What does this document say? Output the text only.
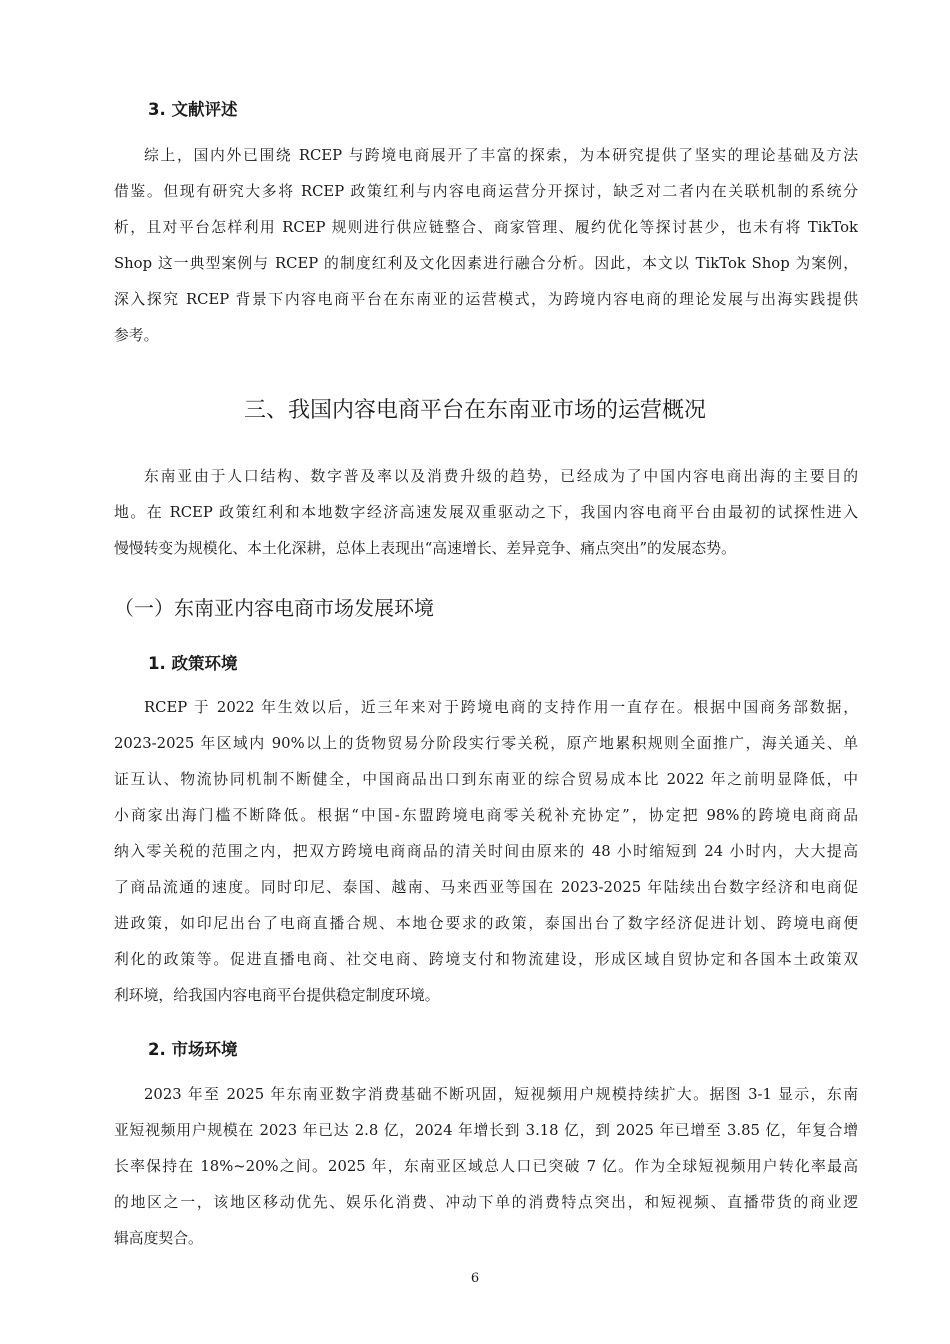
3. 文献评述
综上，国内外已围绕 RCEP 与跨境电商展开了丰富的探索，为本研究提供了坚实的理论基础及方法
借鉴。但现有研究大多将 RCEP 政策红利与内容电商运营分开探讨，缺乏对二者内在关联机制的系统分
析，且对平台怎样利用 RCEP 规则进行供应链整合、商家管理、履约优化等探讨甚少，也未有将 TikTok
Shop 这一典型案例与 RCEP 的制度红利及文化因素进行融合分析。因此，本文以 TikTok Shop 为案例，
深入探究 RCEP 背景下内容电商平台在东南亚的运营模式，为跨境内容电商的理论发展与出海实践提供
参考。
三、我国内容电商平台在东南亚市场的运营概况
东南亚由于人口结构、数字普及率以及消费升级的趋势，已经成为了中国内容电商出海的主要目的
地。在 RCEP 政策红利和本地数字经济高速发展双重驱动之下，我国内容电商平台由最初的试探性进入
慢慢转变为规模化、本土化深耕，总体上表现出“高速增长、差异竞争、痛点突出”的发展态势。
（一）东南亚内容电商市场发展环境
1. 政策环境
RCEP 于 2022 年生效以后，近三年来对于跨境电商的支持作用一直存在。根据中国商务部数据，
2023-2025 年区域内 90%以上的货物贸易分阶段实行零关税，原产地累积规则全面推广，海关通关、单
证互认、物流协同机制不断健全，中国商品出口到东南亚的综合贸易成本比 2022 年之前明显降低，中
小商家出海门槛不断降低。根据“中国-东盟跨境电商零关税补充协定”，协定把 98%的跨境电商商品
纳入零关税的范围之内，把双方跨境电商商品的清关时间由原来的 48 小时缩短到 24 小时内，大大提高
了商品流通的速度。同时印尼、泰国、越南、马来西亚等国在 2023-2025 年陆续出台数字经济和电商促
进政策，如印尼出台了电商直播合规、本地仓要求的政策，泰国出台了数字经济促进计划、跨境电商便
利化的政策等。促进直播电商、社交电商、跨境支付和物流建设，形成区域自贸协定和各国本土政策双
利环境，给我国内容电商平台提供稳定制度环境。
2. 市场环境
2023 年至 2025 年东南亚数字消费基础不断巩固，短视频用户规模持续扩大。据图 3-1 显示，东南
亚短视频用户规模在 2023 年已达 2.8 亿，2024 年增长到 3.18 亿，到 2025 年已增至 3.85 亿，年复合增
长率保持在 18%~20%之间。2025 年，东南亚区域总人口已突破 7 亿。作为全球短视频用户转化率最高
的地区之一，该地区移动优先、娱乐化消费、冲动下单的消费特点突出，和短视频、直播带货的商业逻
辑高度契合。
6
